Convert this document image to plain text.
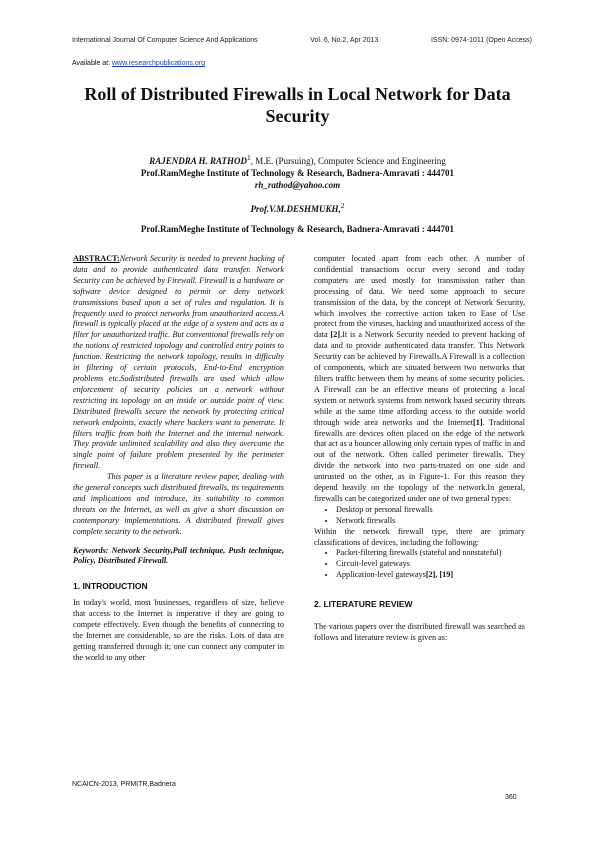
International Journal Of Computer Science And Applications	Vol. 6, No.2, Apr 2013	ISSN: 0974-1011 (Open Access)
Available at: www.researchpublications.org
Roll of Distributed Firewalls in Local Network for Data Security
RAJENDRA H. RATHOD$^1$, M.E. (Pursuing), Computer Science and Engineering
Prof.RamMeghe Institute of Technology & Research, Badnera-Amravati : 444701
rh_rathod@yahoo.com
Prof.V.M.DESHMUKH,$^2$
Prof.RamMeghe Institute of Technology & Research, Badnera-Amravati : 444701

ABSTRACT:Network Security is needed to prevent hacking of data and to provide authenticated data transfer. Network Security can be achieved by Firewall. Firewall is a hardware or software device designed to permit or deny network transmissions based upon a set of rules and regulation. It is frequently used to protect networks from unauthorized access.A firewall is typically placed at the edge of a system and acts as a filter for unauthorized traffic. But conventional firewalls rely on the notions of restricted topology and controlled entry points to function. Restricting the network topology, results in difficulty in filtering of certain protocols, End-to-End encryption problems etc.Sodistributed firewalls are used which allow enforcement of security policies on a network without restricting its topology on an inside or outside point of view. Distributed firewalls secure the network by protecting critical network endpoints, exactly where hackers want to penetrate. It filters traffic from both the Internet and the internal network. They provide unlimited scalability and also they overcome the single point of failure problem presented by the perimeter firewall.

This paper is a literature review paper, dealing with the general concepts such distributed firewalls, its requirements and implications and introduce, its suitability to common threats on the Internet, as well as give a short discussion on contemporary implementations. A distributed firewall gives complete security to the network.

Keywords: Network Security,Pull technique, Push technique, Policy, Distributed Firewall.

1. INTRODUCTION

In today's world, most businesses, regardless of size, believe that access to the Internet is imperative if they are going to compete effectively. Even though the benefits of connecting to the Internet are considerable, so are the risks. Lots of data are getting transferred through it; one can connect any computer in the world to any other

computer located apart from each other. A number of confidential transactions occur every second and today computers are used mostly for transmission rather than processing of data. We need some approach to secure transmission of the data, by the concept of Network Security, which involves the corrective action taken to Ease of Use protect from the viruses, hacking and unauthorized access of the data [2].It is a Network Security needed to prevent hacking of data and to provide authenticated data transfer. This Network Security can be achieved by Firewalls.A Firewall is a collection of components, which are situated between two networks that filters traffic between them by means of some security policies. A Firewall can be an effective means of protecting a local system or network systems from network based security threats while at the same time affording access to the outside world through wide area networks and the Internet[1]. Traditional firewalls are devices often placed on the edge of the network that act as a bouncer allowing only certain types of traffic in and out of the network. Often called perimeter firewalls. They divide the network into two parts-trusted on one side and untrusted on the other, as in Figure-1. For this reason they depend heavily on the topology of the network.In general, firewalls can be categorized under one of two general types:

• Desktop or personal firewalls
• Network firewalls

Within the network firewall type, there are primary classifications of devices, including the following:

• Packet-filtering firewalls (stateful and nonstateful)
• Circuit-level gateways
• Application-level gateways[2], [19]
2. LITERATURE REVIEW

The various papers over the distributed firewall was searched as follows and literature review is given as:

NCAICN-2013, PRMITR,Badnera
360
